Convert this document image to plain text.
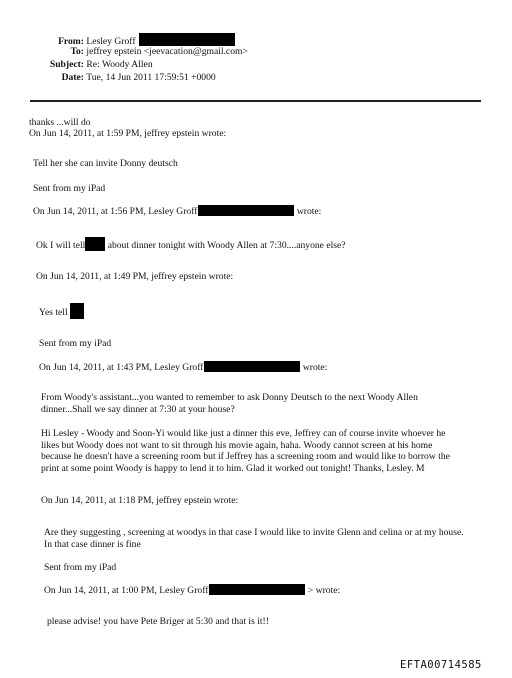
From: Lesley Groff
To: jeffrey epstein <jeevacation@gmail.com>
Subject: Re: Woody Allen
Date: Tue, 14 Jun 2011 17:59:51 +0000
thanks ...will do
On Jun 14, 2011, at 1:59 PM, jeffrey epstein wrote:
Tell her she can invite Donny deutsch
Sent from my iPad
On Jun 14, 2011, at 1:56 PM, Lesley Groff	wrote:
Ok I will tell about dinner tonight with Woody Allen at 7:30....anyone else?
On Jun 14, 2011, at 1:49 PM, jeffrey epstein wrote:
Yes tell
Sent from my iPad
On Jun 14, 2011, at 1:43 PM, Lesley Groff	wrote:
From Woody's assistant...you wanted to remember to ask Donny Deutsch to the next Woody Allen dinner...Shall we say dinner at 7:30 at your house?
Hi Lesley - Woody and Soon-Yi would like just a dinner this eve, Jeffrey can of course invite whoever he likes but Woody does not want to sit through his movie again, haha. Woody cannot screen at his home because he doesn't have a screening room but if Jeffrey has a screening room and would like to borrow the print at some point Woody is happy to lend it to him. Glad it worked out tonight! Thanks, Lesley. M
On Jun 14, 2011, at 1:18 PM, jeffrey epstein wrote:
Are they suggesting , screening at woodys in that case I would like to invite Glenn and celina or at my house. In that case dinner is fine
Sent from my iPad
On Jun 14, 2011, at 1:00 PM, Lesley Groff	> wrote:
please advise! you have Pete Briger at 5:30 and that is it!!
EFTA00714585
